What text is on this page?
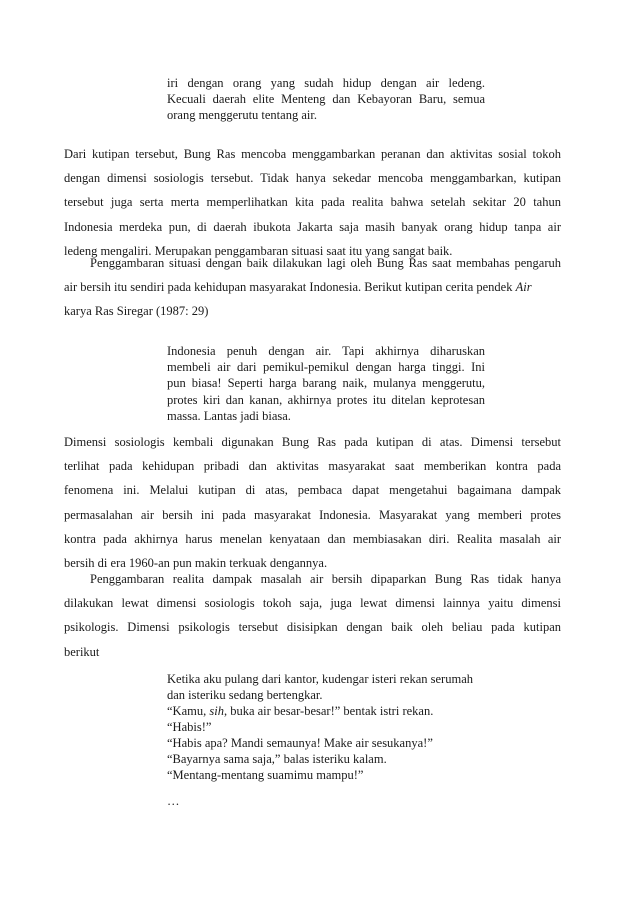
iri dengan orang yang sudah hidup dengan air ledeng.
Kecuali daerah elite Menteng dan Kebayoran Baru, semua
orang menggerutu tentang air.
Dari kutipan tersebut, Bung Ras mencoba menggambarkan peranan dan aktivitas sosial tokoh
dengan dimensi sosiologis tersebut. Tidak hanya sekedar mencoba menggambarkan, kutipan
tersebut juga serta merta memperlihatkan kita pada realita bahwa setelah sekitar 20 tahun
Indonesia merdeka pun, di daerah ibukota Jakarta saja masih banyak orang hidup tanpa air
ledeng mengaliri. Merupakan penggambaran situasi saat itu yang sangat baik.
Penggambaran situasi dengan baik dilakukan lagi oleh Bung Ras saat membahas pengaruh
air bersih itu sendiri pada kehidupan masyarakat Indonesia. Berikut kutipan cerita pendek Air
karya Ras Siregar (1987: 29)
Indonesia penuh dengan air. Tapi akhirnya diharuskan
membeli air dari pemikul-pemikul dengan harga tinggi. Ini
pun biasa! Seperti harga barang naik, mulanya menggerutu,
protes kiri dan kanan, akhirnya protes itu ditelan keprotesan
massa. Lantas jadi biasa.
Dimensi sosiologis kembali digunakan Bung Ras pada kutipan di atas. Dimensi tersebut
terlihat pada kehidupan pribadi dan aktivitas masyarakat saat memberikan kontra pada
fenomena ini. Melalui kutipan di atas, pembaca dapat mengetahui bagaimana dampak
permasalahan air bersih ini pada masyarakat Indonesia. Masyarakat yang memberi protes
kontra pada akhirnya harus menelan kenyataan dan membiasakan diri. Realita masalah air
bersih di era 1960-an pun makin terkuak dengannya.
Penggambaran realita dampak masalah air bersih dipaparkan Bung Ras tidak hanya
dilakukan lewat dimensi sosiologis tokoh saja, juga lewat dimensi lainnya yaitu dimensi
psikologis. Dimensi psikologis tersebut disisipkan dengan baik oleh beliau pada kutipan
berikut
Ketika aku pulang dari kantor, kudengar isteri rekan serumah
dan isteriku sedang bertengkar.
“Kamu, sih, buka air besar-besar!” bentak istri rekan.
“Habis!”
“Habis apa? Mandi semaunya! Make air sesukanya!”
“Bayarnya sama saja,” balas isteriku kalam.
“Mentang-mentang suamimu mampu!”
…
